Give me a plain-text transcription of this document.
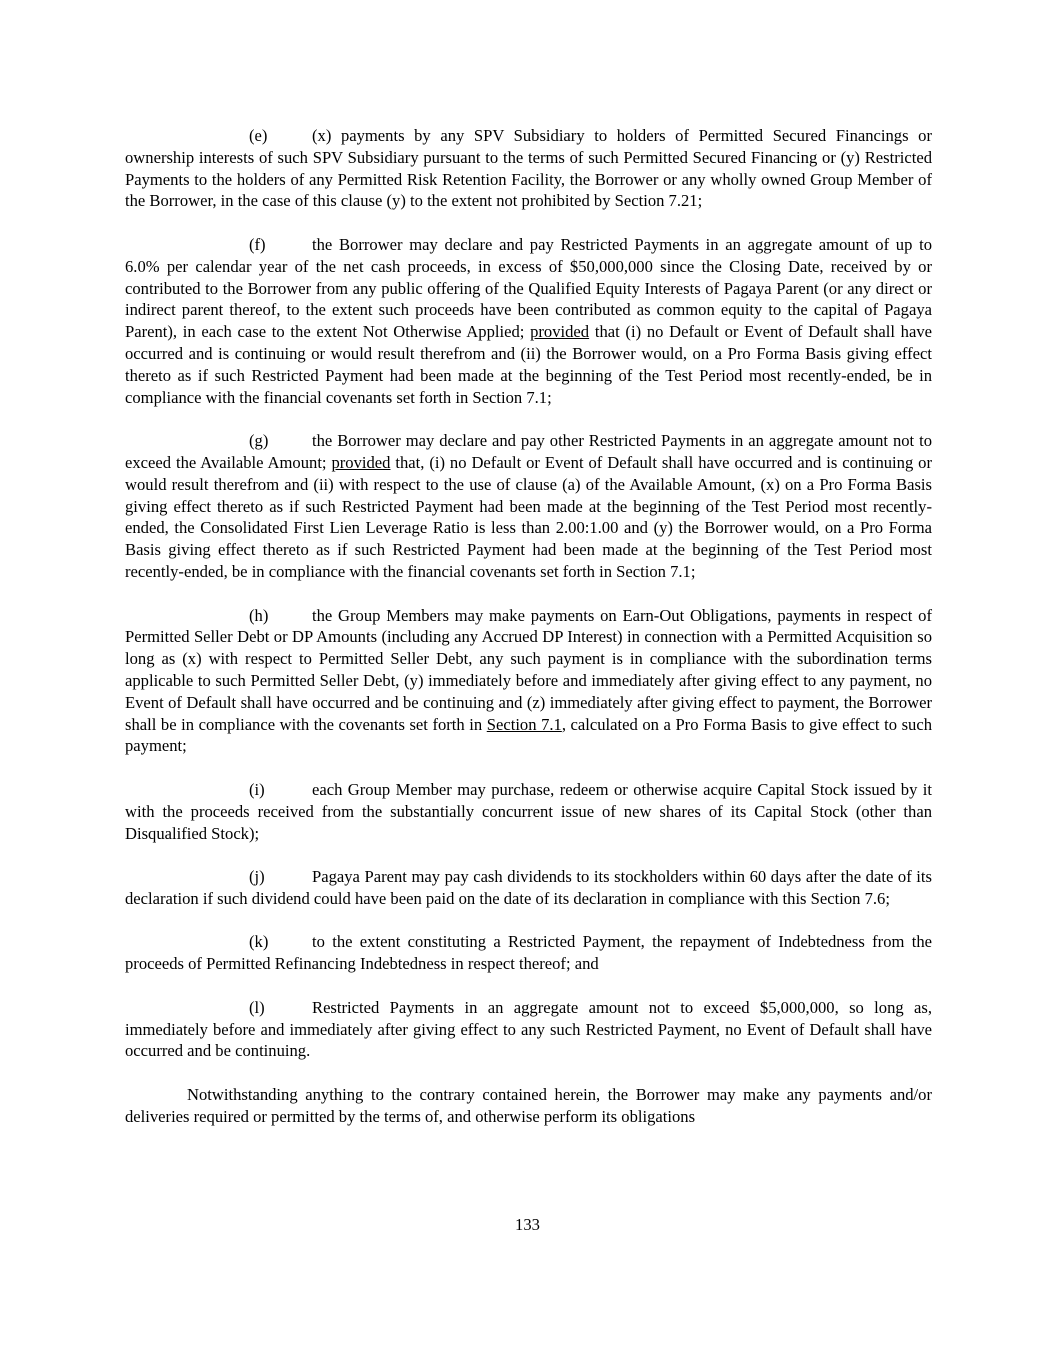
(e)	(x) payments by any SPV Subsidiary to holders of Permitted Secured Financings or ownership interests of such SPV Subsidiary pursuant to the terms of such Permitted Secured Financing or (y) Restricted Payments to the holders of any Permitted Risk Retention Facility, the Borrower or any wholly owned Group Member of the Borrower, in the case of this clause (y) to the extent not prohibited by Section 7.21;

(f)	the Borrower may declare and pay Restricted Payments in an aggregate amount of up to 6.0% per calendar year of the net cash proceeds, in excess of $50,000,000 since the Closing Date, received by or contributed to the Borrower from any public offering of the Qualified Equity Interests of Pagaya Parent (or any direct or indirect parent thereof, to the extent such proceeds have been contributed as common equity to the capital of Pagaya Parent), in each case to the extent Not Otherwise Applied; provided that (i) no Default or Event of Default shall have occurred and is continuing or would result therefrom and (ii) the Borrower would, on a Pro Forma Basis giving effect thereto as if such Restricted Payment had been made at the beginning of the Test Period most recently-ended, be in compliance with the financial covenants set forth in Section 7.1;

(g)	the Borrower may declare and pay other Restricted Payments in an aggregate amount not to exceed the Available Amount; provided that, (i) no Default or Event of Default shall have occurred and is continuing or would result therefrom and (ii) with respect to the use of clause (a) of the Available Amount, (x) on a Pro Forma Basis giving effect thereto as if such Restricted Payment had been made at the beginning of the Test Period most recently-ended, the Consolidated First Lien Leverage Ratio is less than 2.00:1.00 and (y) the Borrower would, on a Pro Forma Basis giving effect thereto as if such Restricted Payment had been made at the beginning of the Test Period most recently-ended, be in compliance with the financial covenants set forth in Section 7.1;

(h)	the Group Members may make payments on Earn-Out Obligations, payments in respect of Permitted Seller Debt or DP Amounts (including any Accrued DP Interest) in connection with a Permitted Acquisition so long as (x) with respect to Permitted Seller Debt, any such payment is in compliance with the subordination terms applicable to such Permitted Seller Debt, (y) immediately before and immediately after giving effect to any payment, no Event of Default shall have occurred and be continuing and (z) immediately after giving effect to payment, the Borrower shall be in compliance with the covenants set forth in Section 7.1, calculated on a Pro Forma Basis to give effect to such payment;

(i)	each Group Member may purchase, redeem or otherwise acquire Capital Stock issued by it with the proceeds received from the substantially concurrent issue of new shares of its Capital Stock (other than Disqualified Stock);

(j)	Pagaya Parent may pay cash dividends to its stockholders within 60 days after the date of its declaration if such dividend could have been paid on the date of its declaration in compliance with this Section 7.6;

(k)	to the extent constituting a Restricted Payment, the repayment of Indebtedness from the proceeds of Permitted Refinancing Indebtedness in respect thereof; and

(l)	Restricted Payments in an aggregate amount not to exceed $5,000,000, so long as, immediately before and immediately after giving effect to any such Restricted Payment, no Event of Default shall have occurred and be continuing.

Notwithstanding anything to the contrary contained herein, the Borrower may make any payments and/or deliveries required or permitted by the terms of, and otherwise perform its obligations

133
